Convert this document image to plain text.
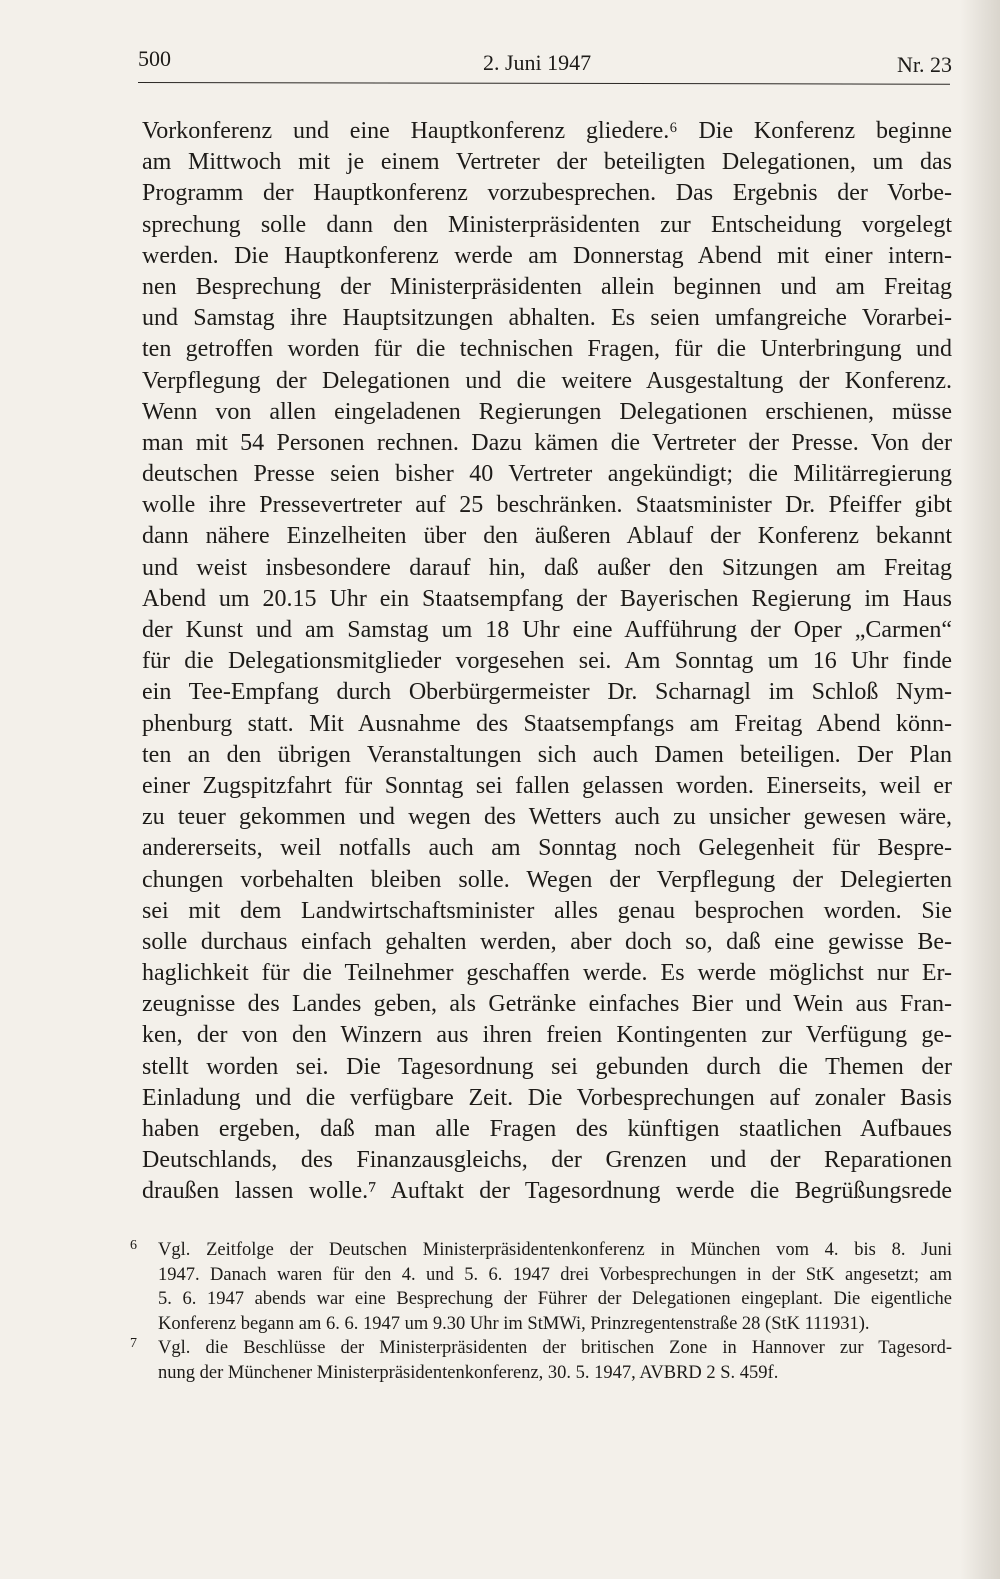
500	2. Juni 1947	Nr. 23
Vorkonferenz und eine Hauptkonferenz gliedere.⁶ Die Konferenz beginne
am Mittwoch mit je einem Vertreter der beteiligten Delegationen, um das
Programm der Hauptkonferenz vorzubesprechen. Das Ergebnis der Vorbe-
sprechung solle dann den Ministerpräsidenten zur Entscheidung vorgelegt
werden. Die Hauptkonferenz werde am Donnerstag Abend mit einer intern-
nen Besprechung der Ministerpräsidenten allein beginnen und am Freitag
und Samstag ihre Hauptsitzungen abhalten. Es seien umfangreiche Vorarbei-
ten getroffen worden für die technischen Fragen, für die Unterbringung und
Verpflegung der Delegationen und die weitere Ausgestaltung der Konferenz.
Wenn von allen eingeladenen Regierungen Delegationen erschienen, müsse
man mit 54 Personen rechnen. Dazu kämen die Vertreter der Presse. Von der
deutschen Presse seien bisher 40 Vertreter angekündigt; die Militärregierung
wolle ihre Pressevertreter auf 25 beschränken. Staatsminister Dr. Pfeiffer gibt
dann nähere Einzelheiten über den äußeren Ablauf der Konferenz bekannt
und weist insbesondere darauf hin, daß außer den Sitzungen am Freitag
Abend um 20.15 Uhr ein Staatsempfang der Bayerischen Regierung im Haus
der Kunst und am Samstag um 18 Uhr eine Aufführung der Oper „Carmen“
für die Delegationsmitglieder vorgesehen sei. Am Sonntag um 16 Uhr finde
ein Tee-Empfang durch Oberbürgermeister Dr. Scharnagl im Schloß Nym-
phenburg statt. Mit Ausnahme des Staatsempfangs am Freitag Abend könn-
ten an den übrigen Veranstaltungen sich auch Damen beteiligen. Der Plan
einer Zugspitzfahrt für Sonntag sei fallen gelassen worden. Einerseits, weil er
zu teuer gekommen und wegen des Wetters auch zu unsicher gewesen wäre,
andererseits, weil notfalls auch am Sonntag noch Gelegenheit für Bespre-
chungen vorbehalten bleiben solle. Wegen der Verpflegung der Delegierten
sei mit dem Landwirtschaftsminister alles genau besprochen worden. Sie
solle durchaus einfach gehalten werden, aber doch so, daß eine gewisse Be-
haglichkeit für die Teilnehmer geschaffen werde. Es werde möglichst nur Er-
zeugnisse des Landes geben, als Getränke einfaches Bier und Wein aus Fran-
ken, der von den Winzern aus ihren freien Kontingenten zur Verfügung ge-
stellt worden sei. Die Tagesordnung sei gebunden durch die Themen der
Einladung und die verfügbare Zeit. Die Vorbesprechungen auf zonaler Basis
haben ergeben, daß man alle Fragen des künftigen staatlichen Aufbaues
Deutschlands, des Finanzausgleichs, der Grenzen und der Reparationen
draußen lassen wolle.⁷ Auftakt der Tagesordnung werde die Begrüßungsrede
6 Vgl. Zeitfolge der Deutschen Ministerpräsidentenkonferenz in München vom 4. bis 8. Juni
1947. Danach waren für den 4. und 5. 6. 1947 drei Vorbesprechungen in der StK angesetzt; am
5. 6. 1947 abends war eine Besprechung der Führer der Delegationen eingeplant. Die eigentliche
Konferenz begann am 6. 6. 1947 um 9.30 Uhr im StMWi, Prinzregentenstraße 28 (StK 111931).
7 Vgl. die Beschlüsse der Ministerpräsidenten der britischen Zone in Hannover zur Tagesord-
nung der Münchener Ministerpräsidentenkonferenz, 30. 5. 1947, AVBRD 2 S. 459f.
